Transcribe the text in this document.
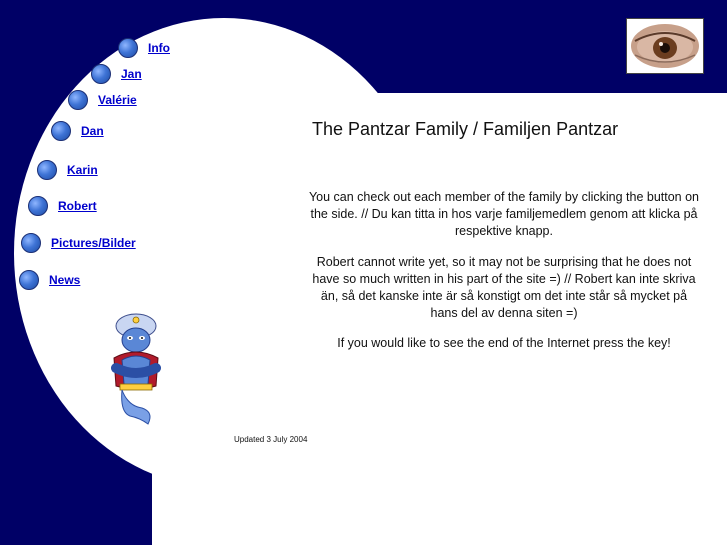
Info
Jan
Valérie
Dan
Karin
Robert
Pictures/Bilder
News
The Pantzar Family / Familjen Pantzar
You can check out each member of the family by clicking the button on the side. // Du kan titta in hos varje familjemedlem genom att klicka på respektive knapp.
Robert cannot write yet, so it may not be surprising that he does not have so much written in his part of the site =) // Robert kan inte skriva än, så det kanske inte är så konstigt om det inte står så mycket på hans del av denna siten =)
If you would like to see the end of the Internet press the key!
Updated 3 July 2004
